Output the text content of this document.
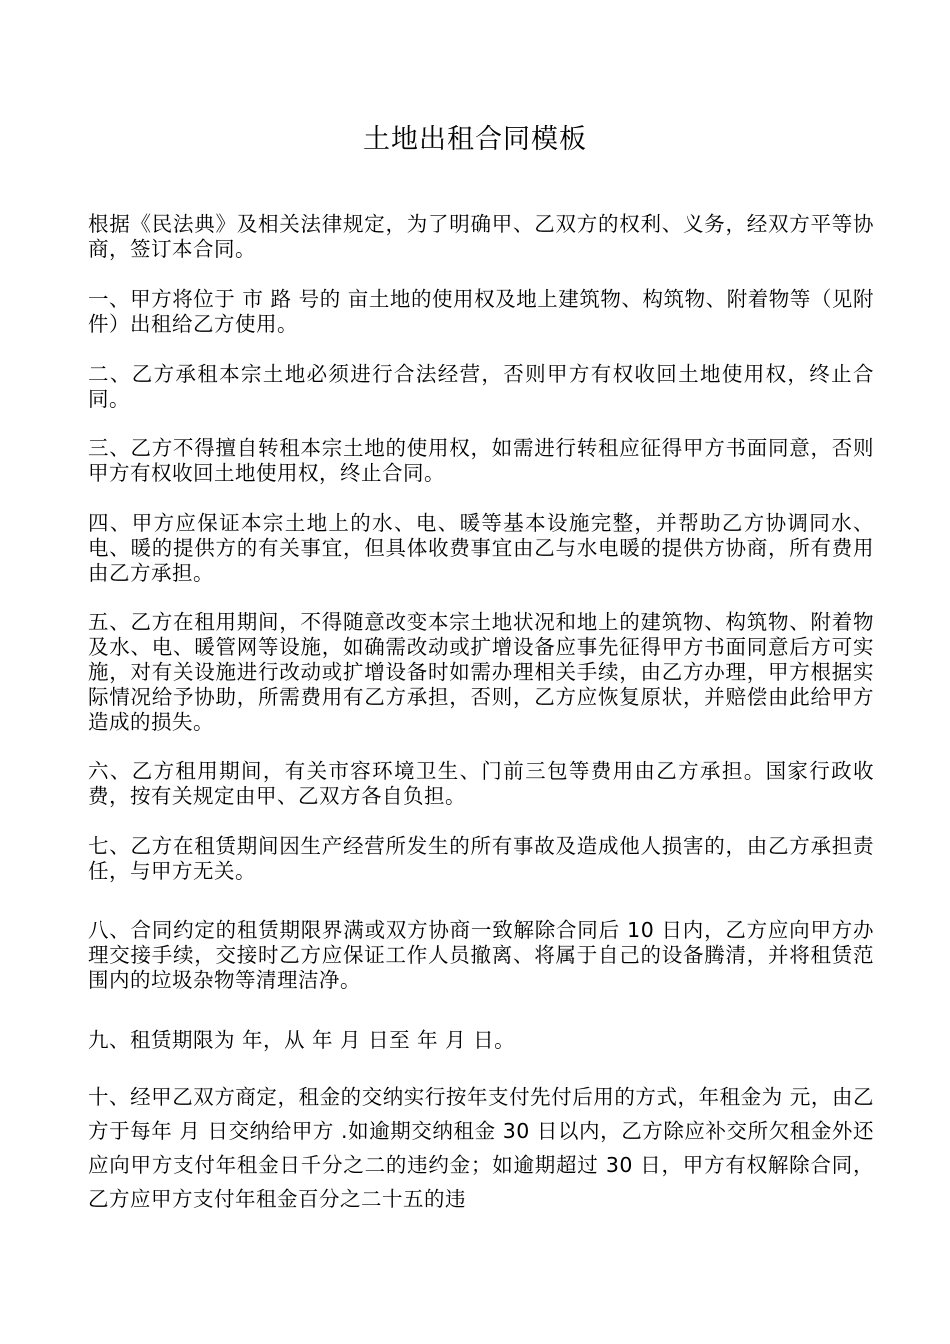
土地出租合同模板

根据《民法典》及相关法律规定，为了明确甲、乙双方的权利、义务，经双方平等协商，签订本合同。

一、甲方将位于 市 路 号的 亩土地的使用权及地上建筑物、构筑物、附着物等（见附件）出租给乙方使用。

二、乙方承租本宗土地必须进行合法经营，否则甲方有权收回土地使用权，终止合同。

三、乙方不得擅自转租本宗土地的使用权，如需进行转租应征得甲方书面同意，否则甲方有权收回土地使用权，终止合同。

四、甲方应保证本宗土地上的水、电、暖等基本设施完整，并帮助乙方协调同水、电、暖的提供方的有关事宜，但具体收费事宜由乙与水电暖的提供方协商，所有费用由乙方承担。

五、乙方在租用期间，不得随意改变本宗土地状况和地上的建筑物、构筑物、附着物及水、电、暖管网等设施，如确需改动或扩增设备应事先征得甲方书面同意后方可实施，对有关设施进行改动或扩增设备时如需办理相关手续，由乙方办理，甲方根据实际情况给予协助，所需费用有乙方承担，否则，乙方应恢复原状，并赔偿由此给甲方造成的损失。

六、乙方租用期间，有关市容环境卫生、门前三包等费用由乙方承担。国家行政收费，按有关规定由甲、乙双方各自负担。

七、乙方在租赁期间因生产经营所发生的所有事故及造成他人损害的，由乙方承担责任，与甲方无关。

八、合同约定的租赁期限界满或双方协商一致解除合同后 10 日内，乙方应向甲方办理交接手续，交接时乙方应保证工作人员撤离、将属于自己的设备腾清，并将租赁范围内的垃圾杂物等清理洁净。

九、租赁期限为 年，从 年 月 日至 年 月 日。

十、经甲乙双方商定，租金的交纳实行按年支付先付后用的方式，年租金为 元，由乙方于每年 月 日交纳给甲方 .如逾期交纳租金 30 日以内，乙方除应补交所欠租金外还应向甲方支付年租金日千分之二的违约金；如逾期超过 30 日，甲方有权解除合同，乙方应甲方支付年租金百分之二十五的违
